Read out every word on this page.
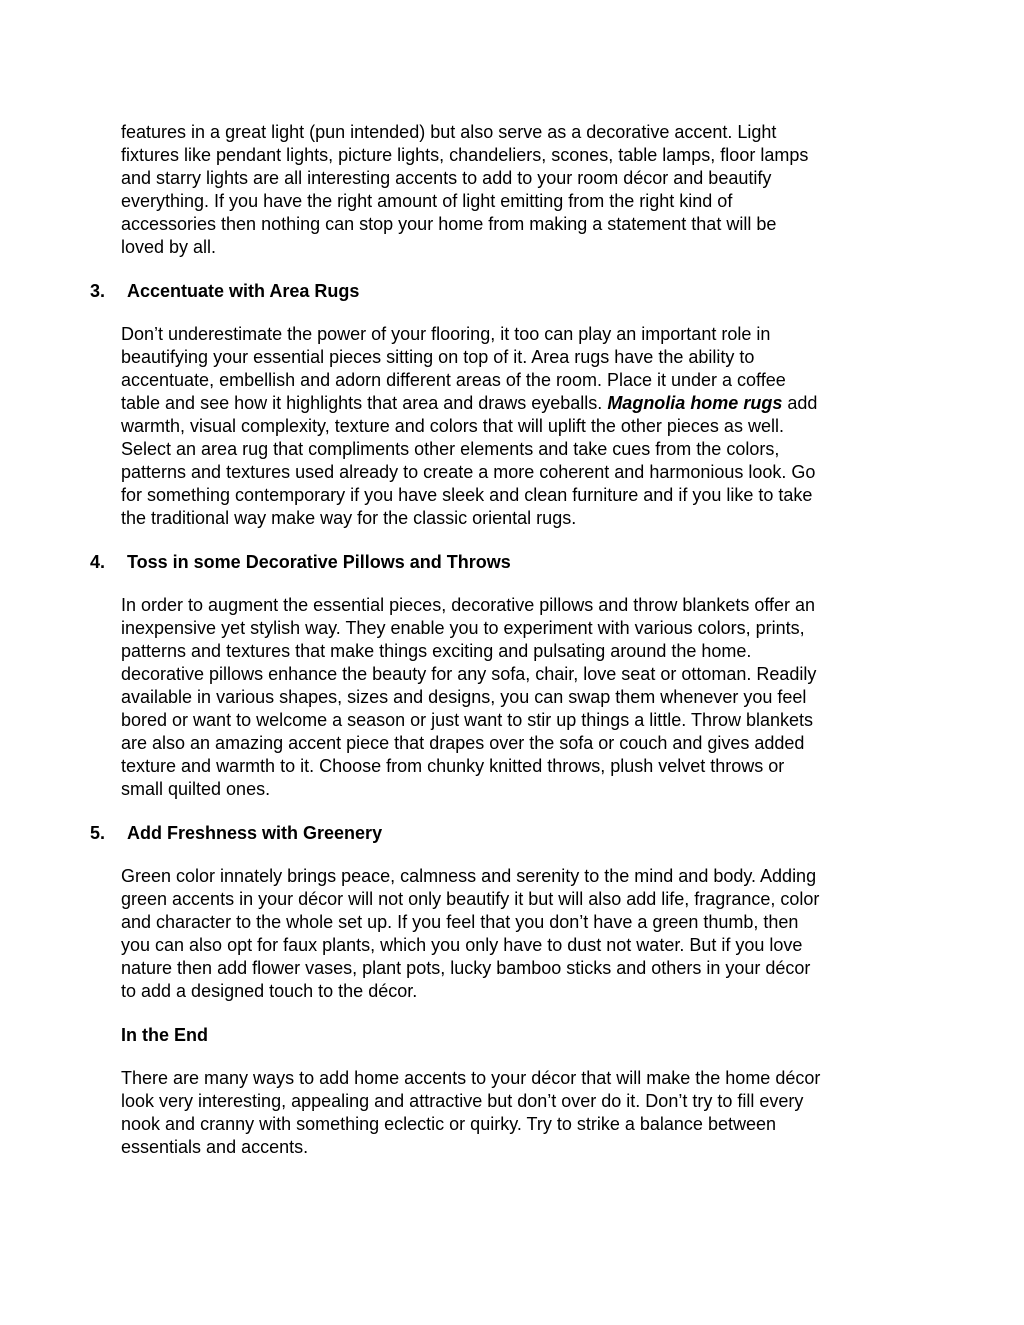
features in a great light (pun intended) but also serve as a decorative accent. Light
fixtures like pendant lights, picture lights, chandeliers, scones, table lamps, floor lamps
and starry lights are all interesting accents to add to your room décor and beautify
everything. If you have the right amount of light emitting from the right kind of
accessories then nothing can stop your home from making a statement that will be
loved by all.

3. Accentuate with Area Rugs

Don’t underestimate the power of your flooring, it too can play an important role in
beautifying your essential pieces sitting on top of it. Area rugs have the ability to
accentuate, embellish and adorn different areas of the room. Place it under a coffee
table and see how it highlights that area and draws eyeballs. Magnolia home rugs add
warmth, visual complexity, texture and colors that will uplift the other pieces as well.
Select an area rug that compliments other elements and take cues from the colors,
patterns and textures used already to create a more coherent and harmonious look. Go
for something contemporary if you have sleek and clean furniture and if you like to take
the traditional way make way for the classic oriental rugs.

4. Toss in some Decorative Pillows and Throws

In order to augment the essential pieces, decorative pillows and throw blankets offer an
inexpensive yet stylish way. They enable you to experiment with various colors, prints,
patterns and textures that make things exciting and pulsating around the home.
decorative pillows enhance the beauty for any sofa, chair, love seat or ottoman. Readily
available in various shapes, sizes and designs, you can swap them whenever you feel
bored or want to welcome a season or just want to stir up things a little. Throw blankets
are also an amazing accent piece that drapes over the sofa or couch and gives added
texture and warmth to it. Choose from chunky knitted throws, plush velvet throws or
small quilted ones.

5. Add Freshness with Greenery

Green color innately brings peace, calmness and serenity to the mind and body. Adding
green accents in your décor will not only beautify it but will also add life, fragrance, color
and character to the whole set up. If you feel that you don’t have a green thumb, then
you can also opt for faux plants, which you only have to dust not water. But if you love
nature then add flower vases, plant pots, lucky bamboo sticks and others in your décor
to add a designed touch to the décor.

In the End

There are many ways to add home accents to your décor that will make the home décor
look very interesting, appealing and attractive but don’t over do it. Don’t try to fill every
nook and cranny with something eclectic or quirky. Try to strike a balance between
essentials and accents.
